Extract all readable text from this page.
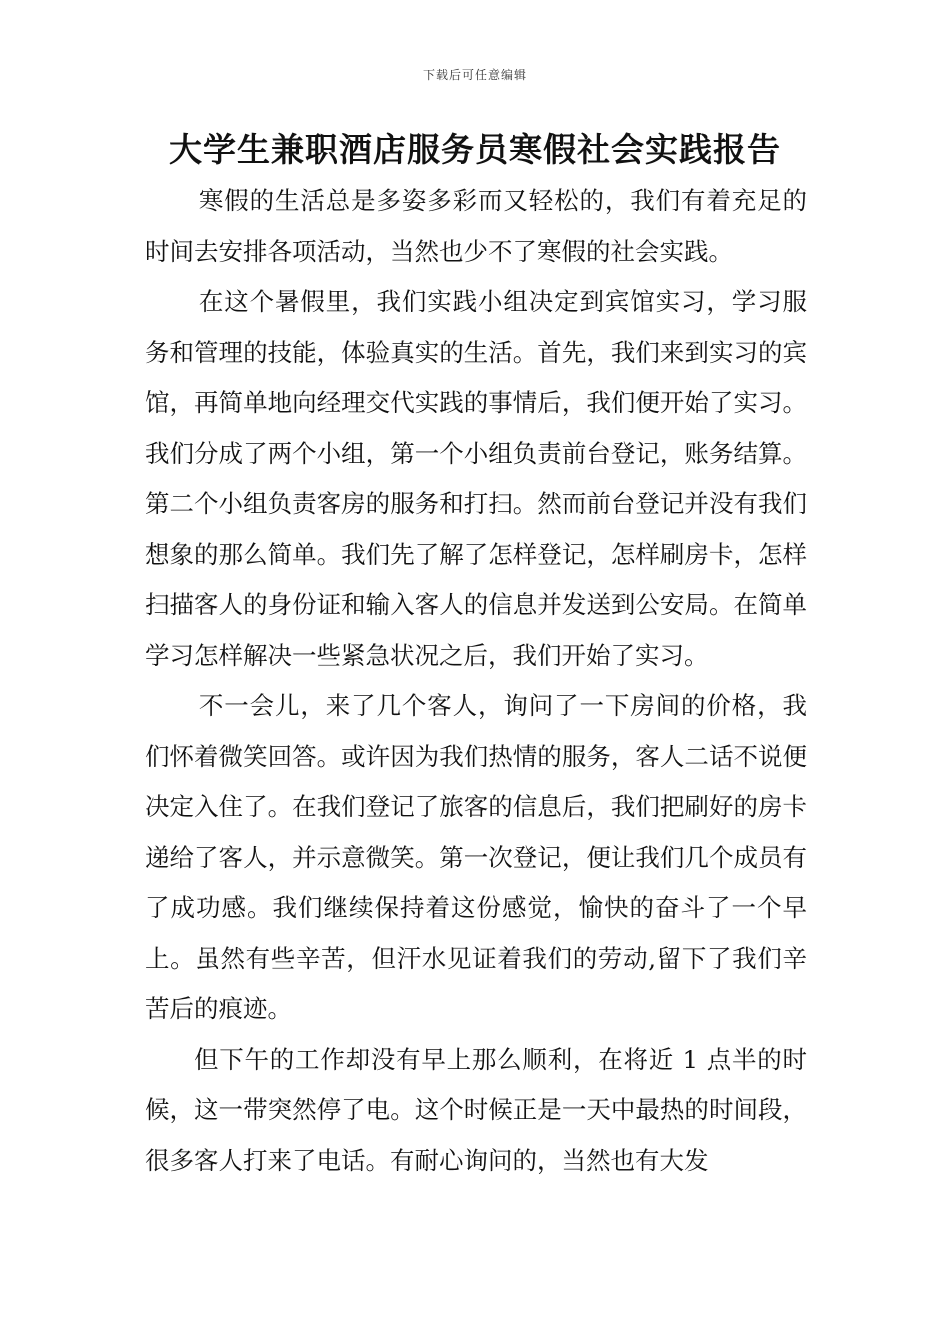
下载后可任意编辑
大学生兼职酒店服务员寒假社会实践报告

寒假的生活总是多姿多彩而又轻松的，我们有着充足的时间去安排各项活动，当然也少不了寒假的社会实践。

在这个暑假里，我们实践小组决定到宾馆实习，学习服务和管理的技能，体验真实的生活。首先，我们来到实习的宾馆，再简单地向经理交代实践的事情后，我们便开始了实习。我们分成了两个小组，第一个小组负责前台登记，账务结算。第二个小组负责客房的服务和打扫。然而前台登记并没有我们想象的那么简单。我们先了解了怎样登记，怎样刷房卡，怎样扫描客人的身份证和输入客人的信息并发送到公安局。在简单学习怎样解决一些紧急状况之后，我们开始了实习。

不一会儿，来了几个客人，询问了一下房间的价格，我们怀着微笑回答。或许因为我们热情的服务，客人二话不说便决定入住了。在我们登记了旅客的信息后，我们把刷好的房卡递给了客人，并示意微笑。第一次登记，便让我们几个成员有了成功感。我们继续保持着这份感觉，愉快的奋斗了一个早上。虽然有些辛苦，但汗水见证着我们的劳动,留下了我们辛苦后的痕迹。

但下午的工作却没有早上那么顺利，在将近 1 点半的时候，这一带突然停了电。这个时候正是一天中最热的时间段，很多客人打来了电话。有耐心询问的，当然也有大发
